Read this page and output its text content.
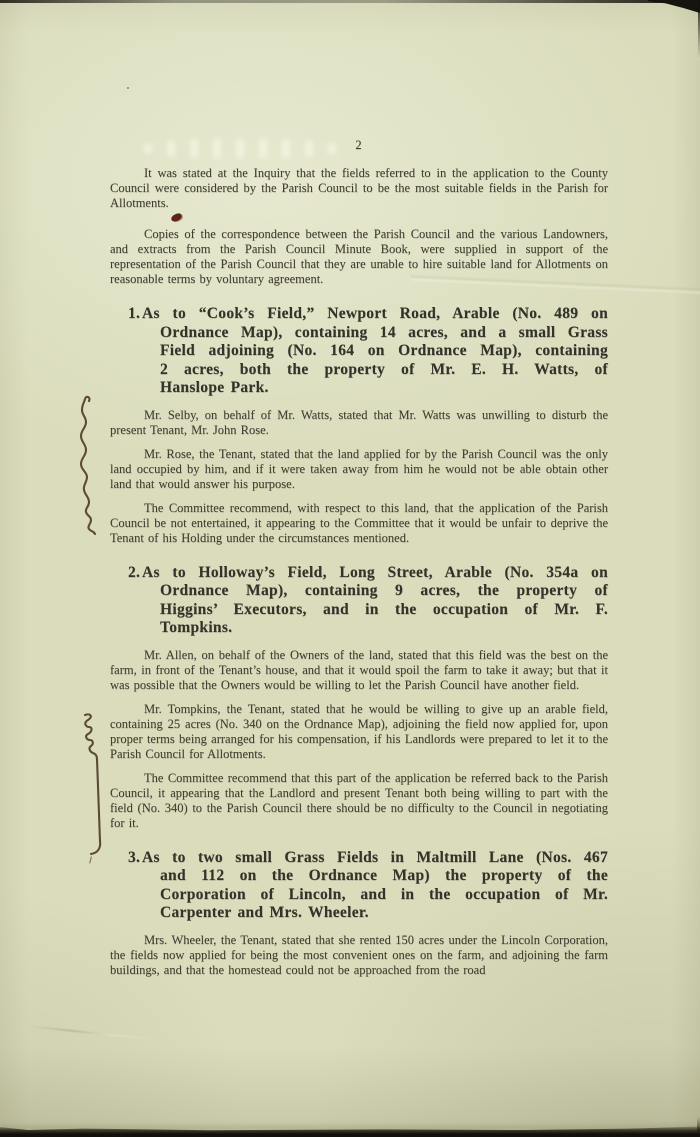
2
It was stated at the Inquiry that the fields referred to in the application to the County Council were considered by the Parish Council to be the most suitable fields in the Parish for Allotments.
Copies of the correspondence between the Parish Council and the various Landowners, and extracts from the Parish Council Minute Book, were supplied in support of the representation of the Parish Council that they are unable to hire suitable land for Allotments on reasonable terms by voluntary agreement.
1. As to “Cook’s Field,” Newport Road, Arable (No. 489 on
Ordnance Map), containing 14 acres, and a small Grass
Field adjoining (No. 164 on Ordnance Map), containing
2 acres, both the property of Mr. E. H. Watts, of
Hanslope Park.
Mr. Selby, on behalf of Mr. Watts, stated that Mr. Watts was unwilling to disturb the present Tenant, Mr. John Rose.
Mr. Rose, the Tenant, stated that the land applied for by the Parish Council was the only land occupied by him, and if it were taken away from him he would not be able obtain other land that would answer his purpose.
The Committee recommend, with respect to this land, that the application of the Parish Council be not entertained, it appearing to the Committee that it would be unfair to deprive the Tenant of his Holding under the circumstances mentioned.
2. As to Holloway’s Field, Long Street, Arable (No. 354a on
Ordnance Map), containing 9 acres, the property of
Higgins’ Executors, and in the occupation of Mr. F.
Tompkins.
Mr. Allen, on behalf of the Owners of the land, stated that this field was the best on the farm, in front of the Tenant’s house, and that it would spoil the farm to take it away; but that it was possible that the Owners would be willing to let the Parish Council have another field.
Mr. Tompkins, the Tenant, stated that he would be willing to give up an arable field, containing 25 acres (No. 340 on the Ordnance Map), adjoining the field now applied for, upon proper terms being arranged for his compensation, if his Landlords were prepared to let it to the Parish Council for Allotments.
The Committee recommend that this part of the application be referred back to the Parish Council, it appearing that the Landlord and present Tenant both being willing to part with the field (No. 340) to the Parish Council there should be no difficulty to the Council in negotiating for it.
3. As to two small Grass Fields in Maltmill Lane (Nos. 467
and 112 on the Ordnance Map) the property of the
Corporation of Lincoln, and in the occupation of Mr.
Carpenter and Mrs. Wheeler.
Mrs. Wheeler, the Tenant, stated that she rented 150 acres under the Lincoln Corporation, the fields now applied for being the most convenient ones on the farm, and adjoining the farm buildings, and that the homestead could not be approached from the road
